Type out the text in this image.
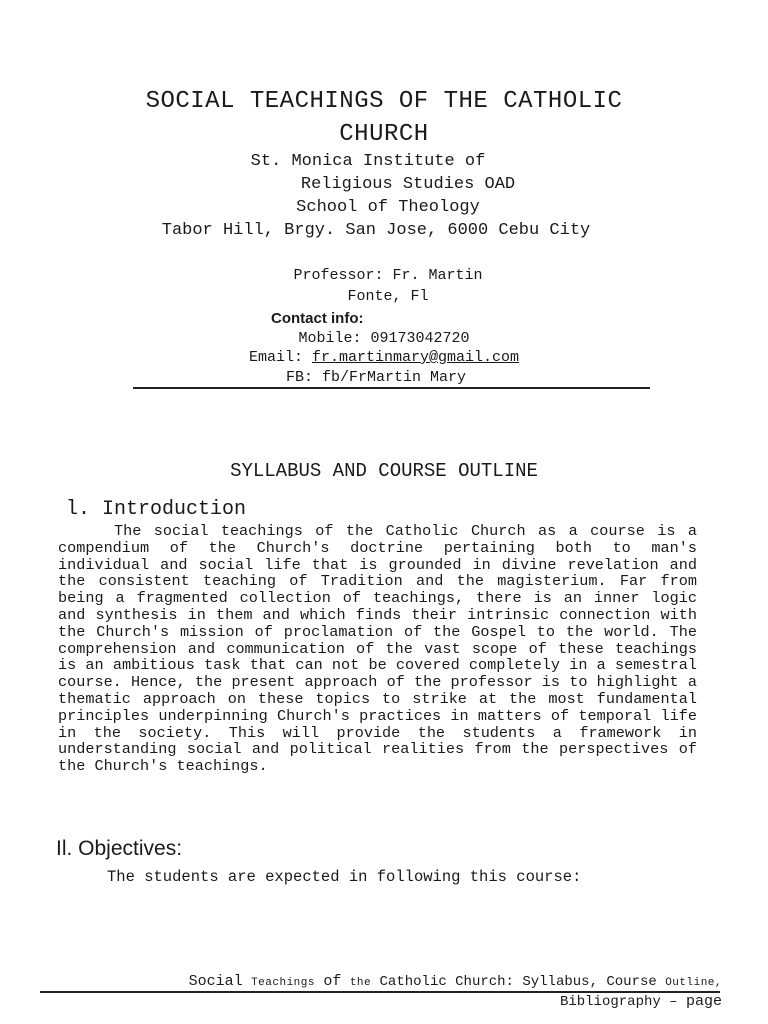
SOCIAL TEACHINGS OF THE CATHOLIC
CHURCH
St. Monica Institute of
Religious Studies OAD
School of Theology
Tabor Hill, Brgy. San Jose, 6000 Cebu City
Professor: Fr. Martin
Fonte, Fl
Contact info:
Mobile: 09173042720
Email: fr.martinmary@gmail.com
FB: fb/FrMartin Mary
SYLLABUS AND COURSE OUTLINE
l. Introduction
The social teachings of the Catholic Church as a course is a compendium of the Church's doctrine pertaining both to man's individual and social life that is grounded in divine revelation and the consistent teaching of Tradition and the magisterium. Far from being a fragmented collection of teachings, there is an inner logic and synthesis in them and which finds their intrinsic connection with the Church's mission of proclamation of the Gospel to the world. The comprehension and communication of the vast scope of these teachings is an ambitious task that can not be covered completely in a semestral course. Hence, the present approach of the professor is to highlight a thematic approach on these topics to strike at the most fundamental principles underpinning Church's practices in matters of temporal life in the society. This will provide the students a framework in understanding social and political realities from the perspectives of the Church's teachings.
Il. Objectives:
The students are expected in following this course:
Social Teachings of the Catholic Church: Syllabus, Course Outline,
Bibliography – page
